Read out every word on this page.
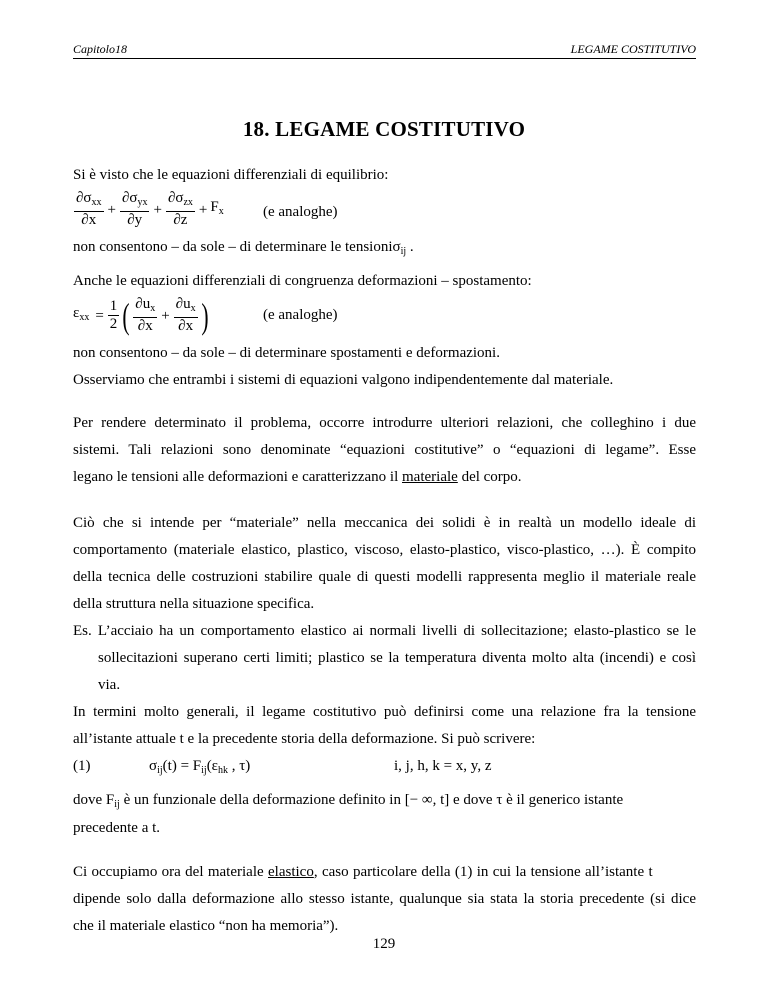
Capitolo18	LEGAME COSTITUTIVO
18. LEGAME COSTITUTIVO
Si è visto che le equazioni differenziali di equilibrio:
$\frac{\partial\sigma_{xx}}{\partial x} + \frac{\partial\sigma_{yx}}{\partial y} + \frac{\partial\sigma_{zx}}{\partial z} + F_x$	(e analoghe)
non consentono – da sole – di determinare le tensioniσ$_{ij}$ .
Anche le equazioni differenziali di congruenza deformazioni – spostamento:
$\varepsilon_{xx} = \frac{1}{2}$ ( $\frac{\partial u_x}{\partial x} + \frac{\partial u_x}{\partial x}$ )	(e analoghe)
non consentono – da sole – di determinare spostamenti e deformazioni.
Osserviamo che entrambi i sistemi di equazioni valgono indipendentemente dal materiale.
Per rendere determinato il problema, occorre introdurre ulteriori relazioni, che colleghino i due
sistemi. Tali relazioni sono denominate “equazioni costitutive” o “equazioni di legame”. Esse
legano le tensioni alle deformazioni e caratterizzano il materiale del corpo.
Ciò che si intende per “materiale” nella meccanica dei solidi è in realtà un modello ideale di
comportamento (materiale elastico, plastico, viscoso, elasto-plastico, visco-plastico, …). È compito
della tecnica delle costruzioni stabilire quale di questi modelli rappresenta meglio il materiale reale
della struttura nella situazione specifica.
Es. L’acciaio ha un comportamento elastico ai normali livelli di sollecitazione; elasto-plastico se le
sollecitazioni superano certi limiti; plastico se la temperatura diventa molto alta (incendi) e così
via.
In termini molto generali, il legame costitutivo può definirsi come una relazione fra la tensione
all’istante attuale t e la precedente storia della deformazione. Si può scrivere:
(1)	$\sigma_{ij}(t) = F_{ij}(\varepsilon_{hk}$ , τ)	i, j, h, k = x, y, z
dove $F_{ij}$ è un funzionale della deformazione definito in [− ∞, t] e dove τ è il generico istante
precedente a t.
Ci occupiamo ora del materiale elastico, caso particolare della (1) in cui la tensione all’istante t
dipende solo dalla deformazione allo stesso istante, qualunque sia stata la storia precedente (si dice
che il materiale elastico “non ha memoria”).
129
